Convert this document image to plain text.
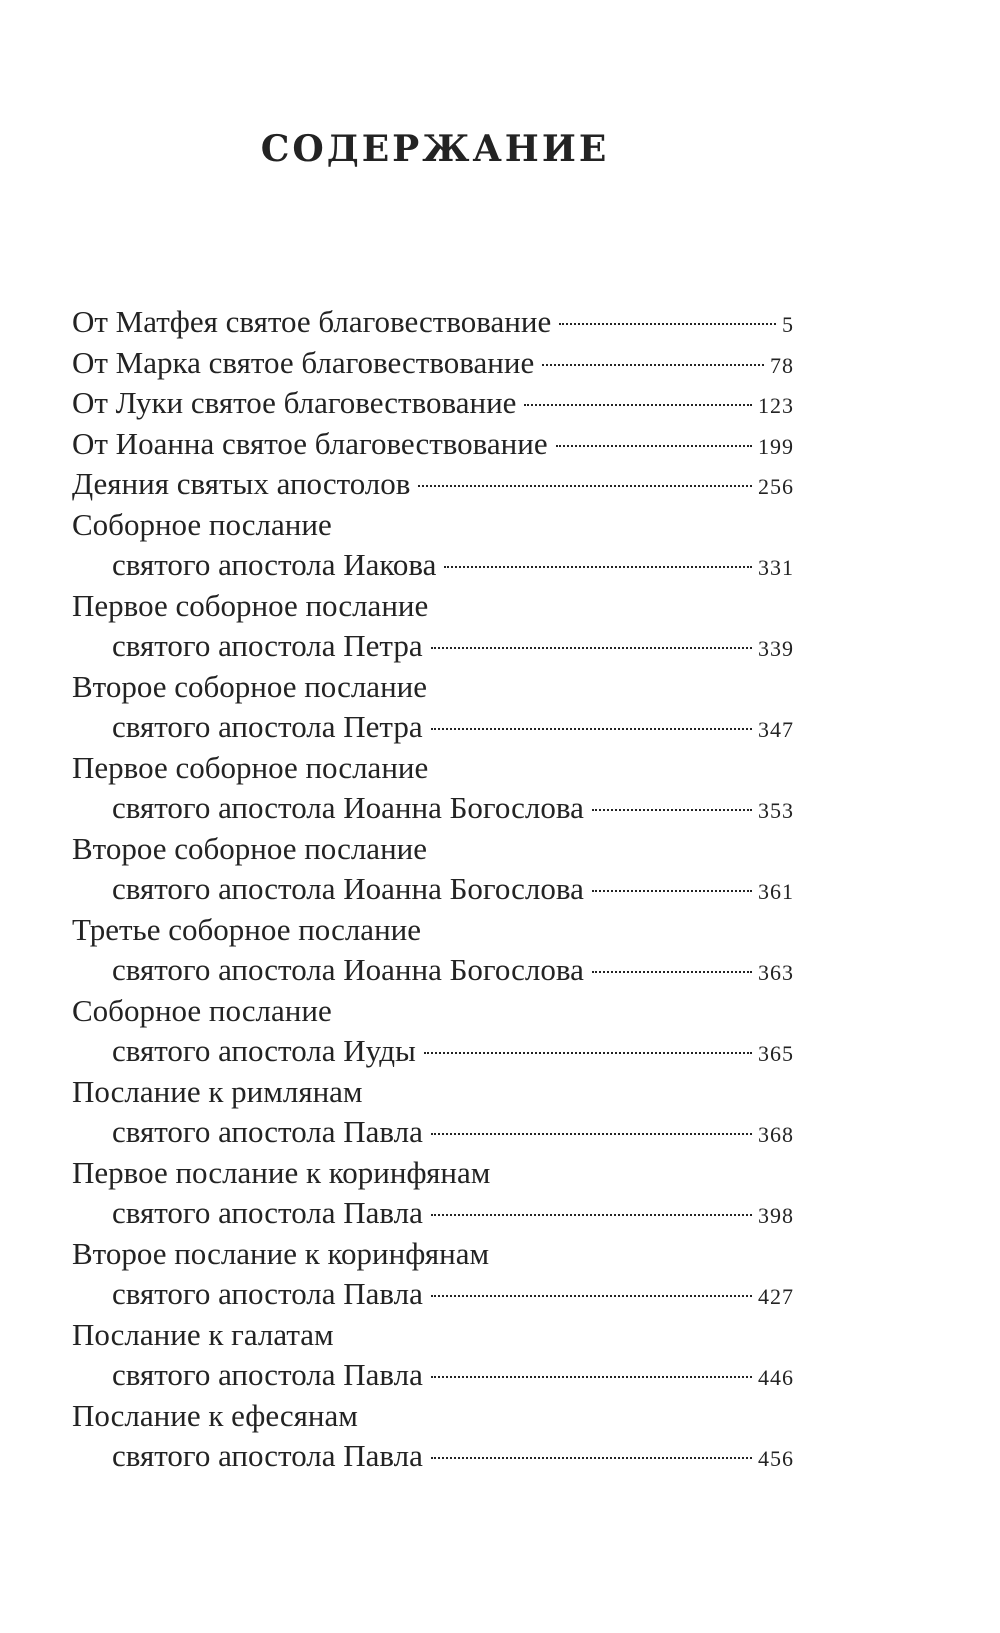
СОДЕРЖАНИЕ
От Матфея святое благовествование	5
От Марка святое благовествование	78
От Луки святое благовествование	123
От Иоанна святое благовествование	199
Деяния святых апостолов	256
Соборное послание
святого апостола Иакова	331
Первое соборное послание
святого апостола Петра	339
Второе соборное послание
святого апостола Петра	347
Первое соборное послание
святого апостола Иоанна Богослова	353
Второе соборное послание
святого апостола Иоанна Богослова	361
Третье соборное послание
святого апостола Иоанна Богослова	363
Соборное послание
святого апостола Иуды	365
Послание к римлянам
святого апостола Павла	368
Первое послание к коринфянам
святого апостола Павла	398
Второе послание к коринфянам
святого апостола Павла	427
Послание к галатам
святого апостола Павла	446
Послание к ефесянам
святого апостола Павла	456
